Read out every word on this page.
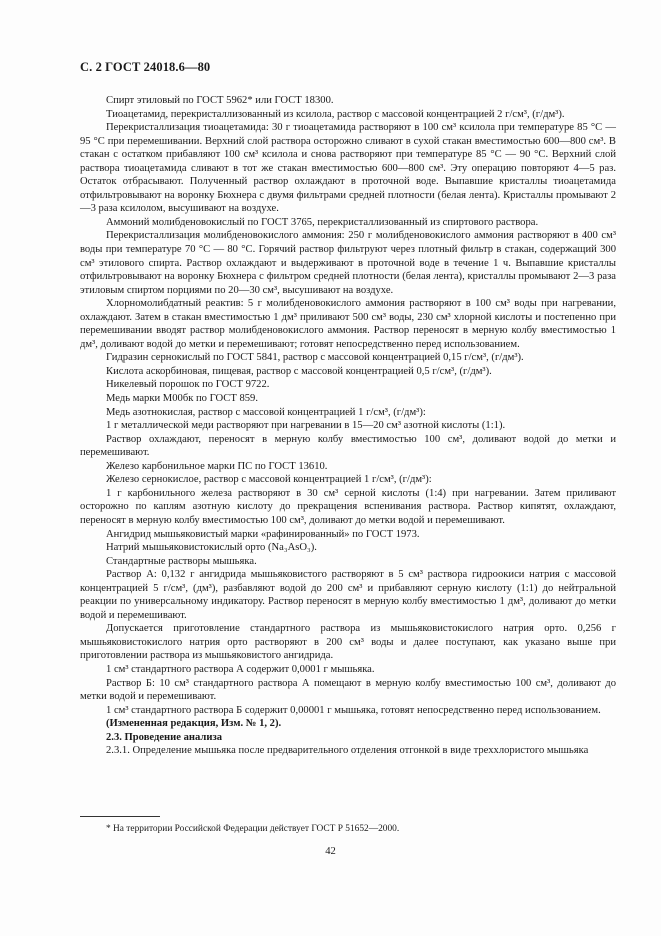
С. 2 ГОСТ 24018.6—80

Спирт этиловый по ГОСТ 5962* или ГОСТ 18300.

Тиоацетамид, перекристаллизованный из ксилола, раствор с массовой концентрацией 2 г/см³, (г/дм³).

Перекристаллизация тиоацетамида: 30 г тиоацетамида растворяют в 100 см³ ксилола при температуре 85 °С — 95 °С при перемешивании. Верхний слой раствора осторожно сливают в сухой стакан вместимостью 600—800 см³. В стакан с остатком прибавляют 100 см³ ксилола и снова растворяют при температуре 85 °С — 90 °С. Верхний слой раствора тиоацетамида сливают в тот же стакан вместимостью 600—800 см³. Эту операцию повторяют 4—5 раз. Остаток отбрасывают. Полученный раствор охлаждают в проточной воде. Выпавшие кристаллы тиоацетамида отфильтровывают на воронку Бюхнера с двумя фильтрами средней плотности (белая лента). Кристаллы промывают 2—3 раза ксилолом, высушивают на воздухе.

Аммоний молибденовокислый по ГОСТ 3765, перекристаллизованный из спиртового раствора.

Перекристаллизация молибденовокислого аммония: 250 г молибденовокислого аммония растворяют в 400 см³ воды при температуре 70 °С — 80 °С. Горячий раствор фильтруют через плотный фильтр в стакан, содержащий 300 см³ этилового спирта. Раствор охлаждают и выдерживают в проточной воде в течение 1 ч. Выпавшие кристаллы отфильтровывают на воронку Бюхнера с фильтром средней плотности (белая лента), кристаллы промывают 2—3 раза этиловым спиртом порциями по 20—30 см³, высушивают на воздухе.

Хлорномолибдатный реактив: 5 г молибденовокислого аммония растворяют в 100 см³ воды при нагревании, охлаждают. Затем в стакан вместимостью 1 дм³ приливают 500 см³ воды, 230 см³ хлорной кислоты и постепенно при перемешивании вводят раствор молибденовокислого аммония. Раствор переносят в мерную колбу вместимостью 1 дм³, доливают водой до метки и перемешивают; готовят непосредственно перед использованием.

Гидразин сернокислый по ГОСТ 5841, раствор с массовой концентрацией 0,15 г/см³, (г/дм³).

Кислота аскорбиновая, пищевая, раствор с массовой концентрацией 0,5 г/см³, (г/дм³).

Никелевый порошок по ГОСТ 9722.

Медь марки М00бк по ГОСТ 859.

Медь азотнокислая, раствор с массовой концентрацией 1 г/см³, (г/дм³):

1 г металлической меди растворяют при нагревании в 15—20 см³ азотной кислоты (1:1).

Раствор охлаждают, переносят в мерную колбу вместимостью 100 см³, доливают водой до метки и перемешивают.

Железо карбонильное марки ПС по ГОСТ 13610.

Железо сернокислое, раствор с массовой концентрацией 1 г/см³, (г/дм³):

1 г карбонильного железа растворяют в 30 см³ серной кислоты (1:4) при нагревании. Затем приливают осторожно по каплям азотную кислоту до прекращения вспенивания раствора. Раствор кипятят, охлаждают, переносят в мерную колбу вместимостью 100 см³, доливают до метки водой и перемешивают.

Ангидрид мышьяковистый марки «рафинированный» по ГОСТ 1973.

Натрий мышьяковистокислый орто (Na₃AsO₃).

Стандартные растворы мышьяка.

Раствор А: 0,132 г ангидрида мышьяковистого растворяют в 5 см³ раствора гидроокиси натрия с массовой концентрацией 5 г/см³, (дм³), разбавляют водой до 200 см³ и прибавляют серную кислоту (1:1) до нейтральной реакции по универсальному индикатору. Раствор переносят в мерную колбу вместимостью 1 дм³, доливают до метки водой и перемешивают.

Допускается приготовление стандартного раствора из мышьяковистокислого натрия орто. 0,256 г мышьяковистокислого натрия орто растворяют в 200 см³ воды и далее поступают, как указано выше при приготовлении раствора из мышьяковистого ангидрида.

1 см³ стандартного раствора А содержит 0,0001 г мышьяка.

Раствор Б: 10 см³ стандартного раствора А помещают в мерную колбу вместимостью 100 см³, доливают до метки водой и перемешивают.

1 см³ стандартного раствора Б содержит 0,00001 г мышьяка, готовят непосредственно перед использованием.

(Измененная редакция, Изм. № 1, 2).

2.3. Проведение анализа

2.3.1. Определение мышьяка после предварительного отделения отгонкой в виде треххлористого мышьяка

* На территории Российской Федерации действует ГОСТ Р 51652—2000.
42
